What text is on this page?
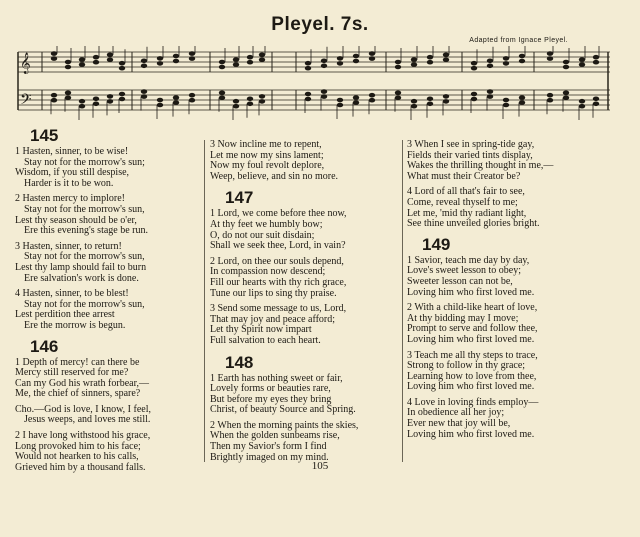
Pleyel. 7s.
Adapted from Ignace Pleyel.
𝄞
𝄢
145
1 Hasten, sinner, to be wise!
Stay not for the morrow's sun;
Wisdom, if you still despise,
Harder is it to be won.
2 Hasten mercy to implore!
Stay not for the morrow's sun,
Lest thy season should be o'er,
Ere this evening's stage be run.
3 Hasten, sinner, to return!
Stay not for the morrow's sun,
Lest thy lamp should fail to burn
Ere salvation's work is done.
4 Hasten, sinner, to be blest!
Stay not for the morrow's sun,
Lest perdition thee arrest
Ere the morrow is begun.
146
1 Depth of mercy! can there be
Mercy still reserved for me?
Can my God his wrath forbear,—
Me, the chief of sinners, spare?
Cho.—God is love, I know, I feel,
Jesus weeps, and loves me still.
2 I have long withstood his grace,
Long provoked him to his face;
Would not hearken to his calls,
Grieved him by a thousand falls.
3 Now incline me to repent,
Let me now my sins lament;
Now my foul revolt deplore,
Weep, believe, and sin no more.
147
1 Lord, we come before thee now,
At thy feet we humbly bow;
O, do not our suit disdain;
Shall we seek thee, Lord, in vain?
2 Lord, on thee our souls depend,
In compassion now descend;
Fill our hearts with thy rich grace,
Tune our lips to sing thy praise.
3 Send some message to us, Lord,
That may joy and peace afford;
Let thy Spirit now impart
Full salvation to each heart.
148
1 Earth has nothing sweet or fair,
Lovely forms or beauties rare,
But before my eyes they bring
Christ, of beauty Source and Spring.
2 When the morning paints the skies,
When the golden sunbeams rise,
Then my Savior's form I find
Brightly imaged on my mind.
3 When I see in spring-tide gay,
Fields their varied tints display,
Wakes the thrilling thought in me,—
What must their Creator be?
4 Lord of all that's fair to see,
Come, reveal thyself to me;
Let me, 'mid thy radiant light,
See thine unveiled glories bright.
149
1 Savior, teach me day by day,
Love's sweet lesson to obey;
Sweeter lesson can not be,
Loving him who first loved me.
2 With a child-like heart of love,
At thy bidding may I move;
Prompt to serve and follow thee,
Loving him who first loved me.
3 Teach me all thy steps to trace,
Strong to follow in thy grace;
Learning how to love from thee,
Loving him who first loved me.
4 Love in loving finds employ—
In obedience all her joy;
Ever new that joy will be,
Loving him who first loved me.
105
